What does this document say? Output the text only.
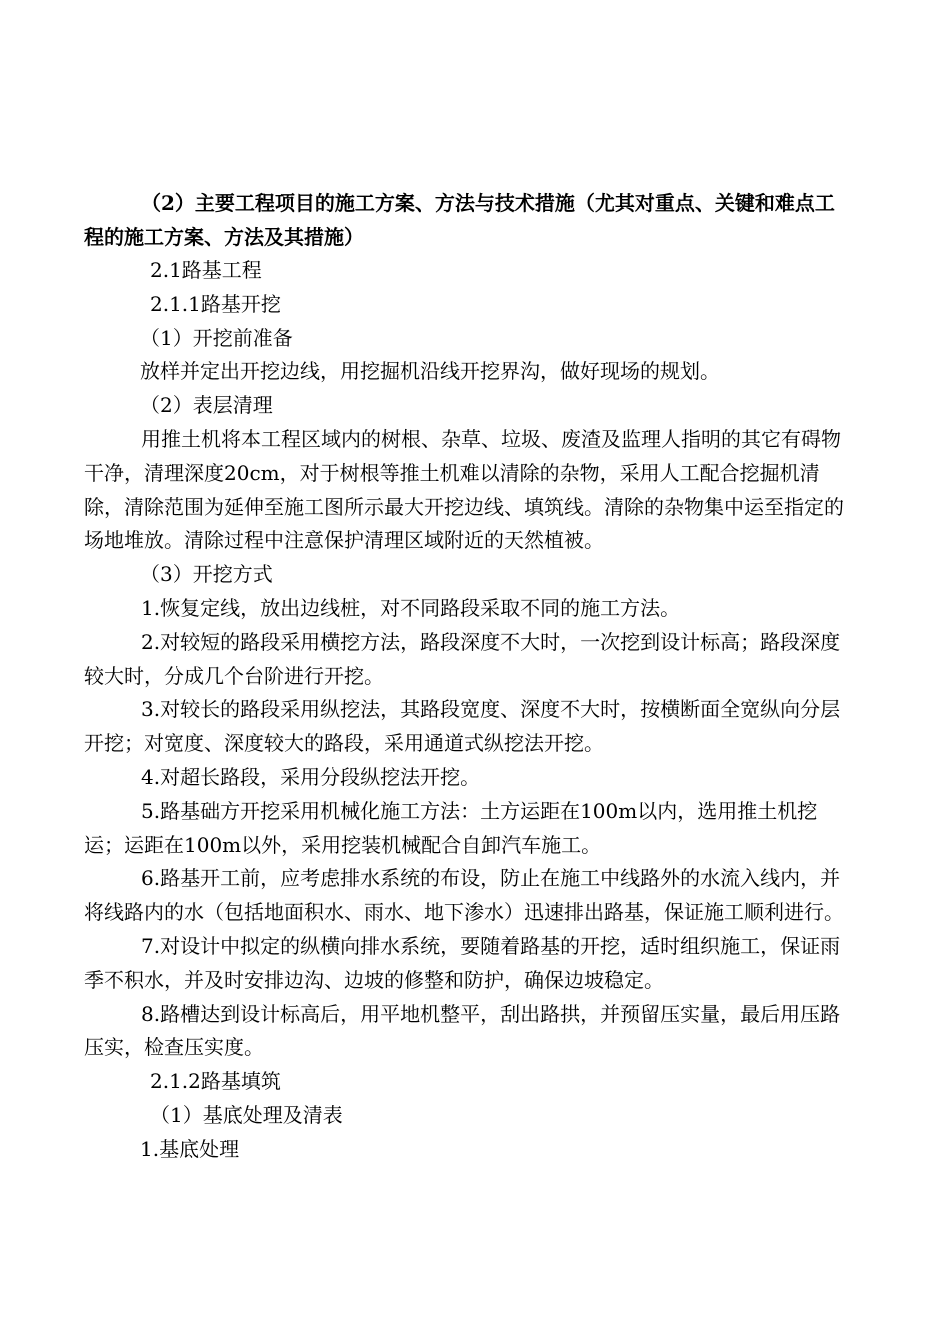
（2）主要工程项目的施工方案、方法与技术措施（尤其对重点、关键和难点工程的施工方案、方法及其措施）

2.1路基工程

2.1.1路基开挖

（1）开挖前准备

放样并定出开挖边线，用挖掘机沿线开挖界沟，做好现场的规划。

（2）表层清理

用推土机将本工程区域内的树根、杂草、垃圾、废渣及监理人指明的其它有碍物干净，清理深度20cm，对于树根等推土机难以清除的杂物，采用人工配合挖掘机清除，清除范围为延伸至施工图所示最大开挖边线、填筑线。清除的杂物集中运至指定的场地堆放。清除过程中注意保护清理区域附近的天然植被。

（3）开挖方式

1.恢复定线，放出边线桩，对不同路段采取不同的施工方法。

2.对较短的路段采用横挖方法，路段深度不大时，一次挖到设计标高；路段深度较大时，分成几个台阶进行开挖。

3.对较长的路段采用纵挖法，其路段宽度、深度不大时，按横断面全宽纵向分层开挖；对宽度、深度较大的路段，采用通道式纵挖法开挖。

4.对超长路段，采用分段纵挖法开挖。

5.路基础方开挖采用机械化施工方法：土方运距在100m以内，选用推土机挖运；运距在100m以外，采用挖装机械配合自卸汽车施工。

6.路基开工前，应考虑排水系统的布设，防止在施工中线路外的水流入线内，并将线路内的水（包括地面积水、雨水、地下渗水）迅速排出路基，保证施工顺利进行。

7.对设计中拟定的纵横向排水系统，要随着路基的开挖，适时组织施工，保证雨季不积水，并及时安排边沟、边坡的修整和防护，确保边坡稳定。

8.路槽达到设计标高后，用平地机整平，刮出路拱，并预留压实量，最后用压路压实，检查压实度。

2.1.2路基填筑

（1）基底处理及清表

1.基底处理
